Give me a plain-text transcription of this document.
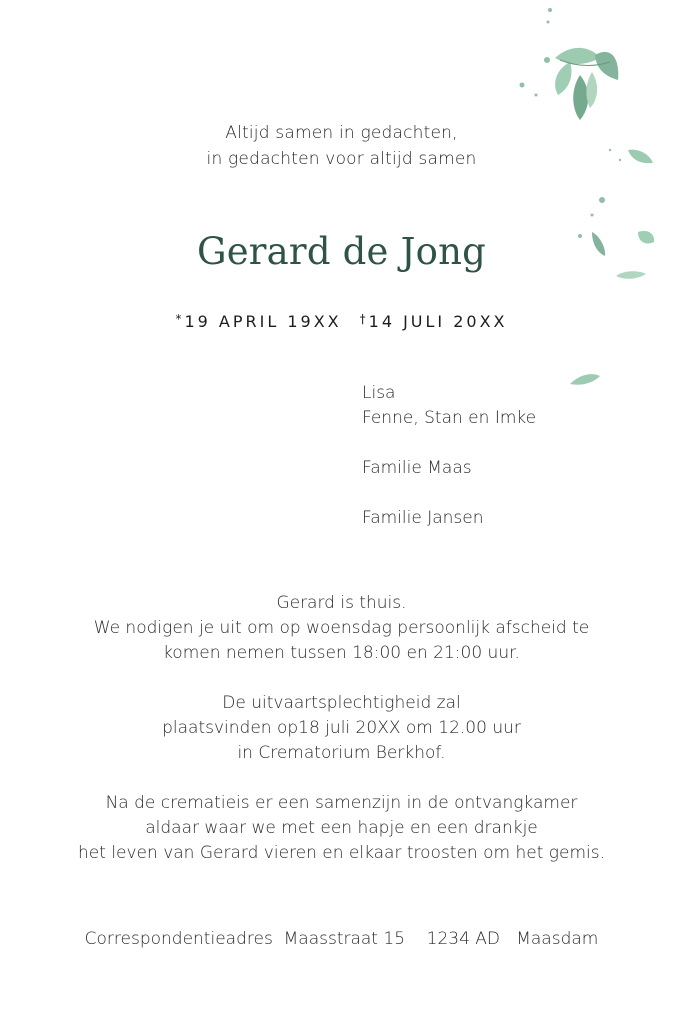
Altijd samen in gedachten,
in gedachten voor altijd samen
Gerard de Jong
* 19 APRIL 19XX † 14 JULI 20XX
Lisa
Fenne, Stan en Imke
Familie Maas
Familie Jansen
Gerard is thuis.
We nodigen je uit om op woensdag persoonlijk afscheid te
komen nemen tussen 18:00 en 21:00 uur.
De uitvaartsplechtigheid zal
plaatsvinden op18 juli 20XX om 12.00 uur
in Crematorium Berkhof.
Na de crematieis er een samenzijn in de ontvangkamer
aldaar waar we met een hapje en een drankje
het leven van Gerard vieren en elkaar troosten om het gemis.
Correspondentieadres  Maasstraat 15    1234 AD   Maasdam
